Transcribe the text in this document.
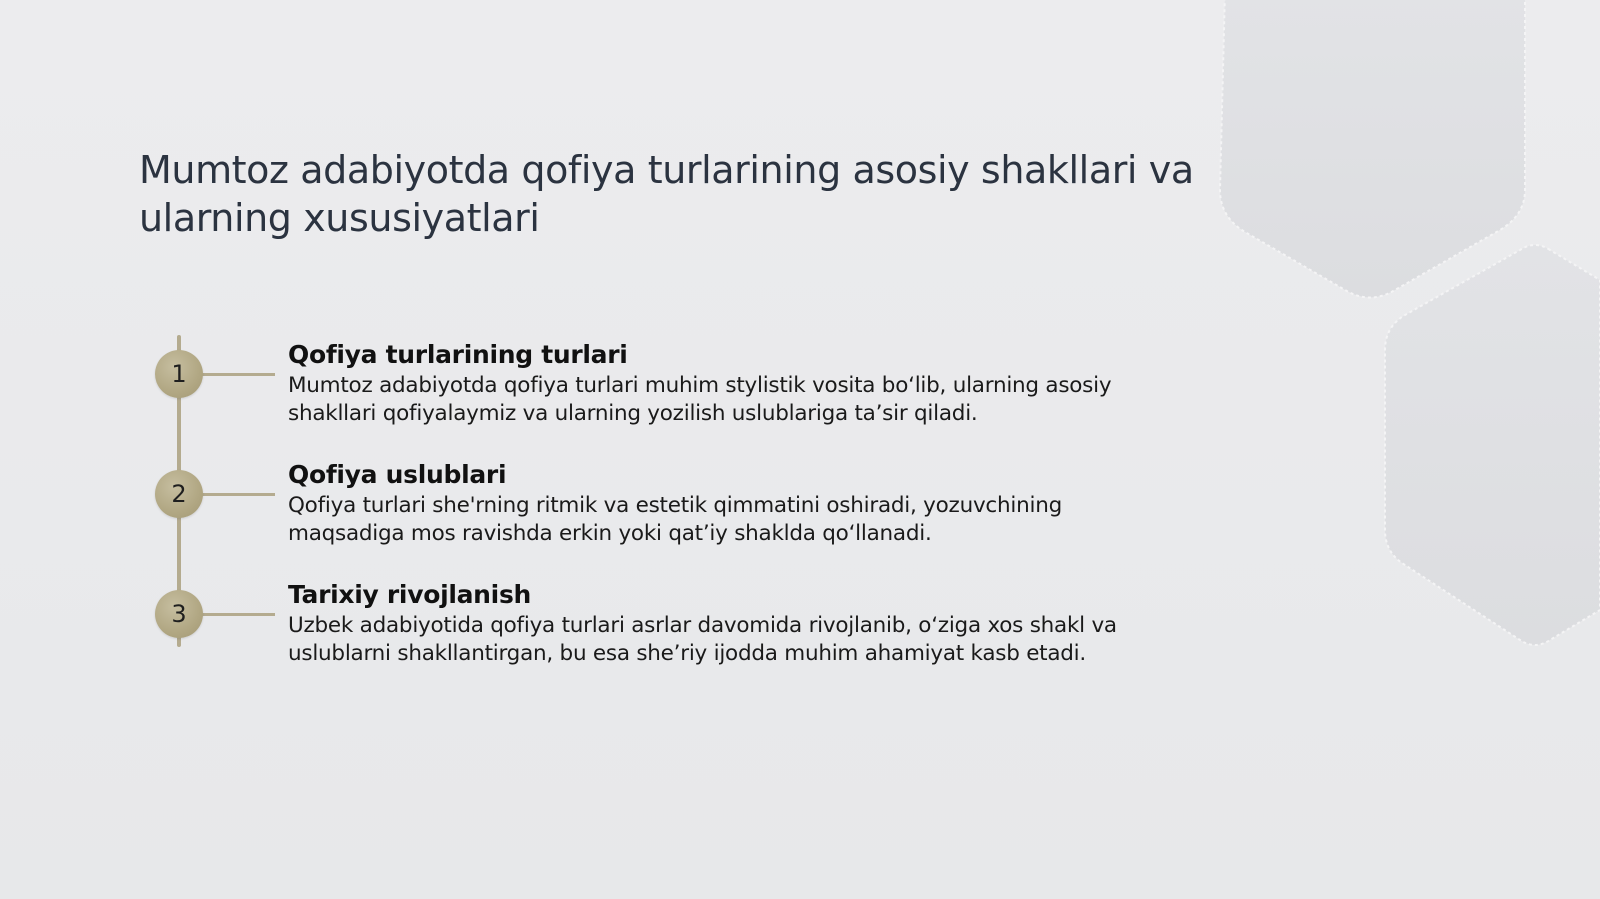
Mumtoz adabiyotda qofiya turlarining asosiy shakllari va ularning xususiyatlari
1
Qofiya turlarining turlari

Mumtoz adabiyotda qofiya turlari muhim stylistik vosita bo‘lib, ularning asosiy shakllari qofiyalaymiz va ularning yozilish uslublariga ta’sir qiladi.

2
Qofiya uslublari

Qofiya turlari she'rning ritmik va estetik qimmatini oshiradi, yozuvchining maqsadiga mos ravishda erkin yoki qat’iy shaklda qo‘llanadi.

3
Tarixiy rivojlanish

Uzbek adabiyotida qofiya turlari asrlar davomida rivojlanib, o‘ziga xos shakl va uslublarni shakllantirgan, bu esa she’riy ijodda muhim ahamiyat kasb etadi.
